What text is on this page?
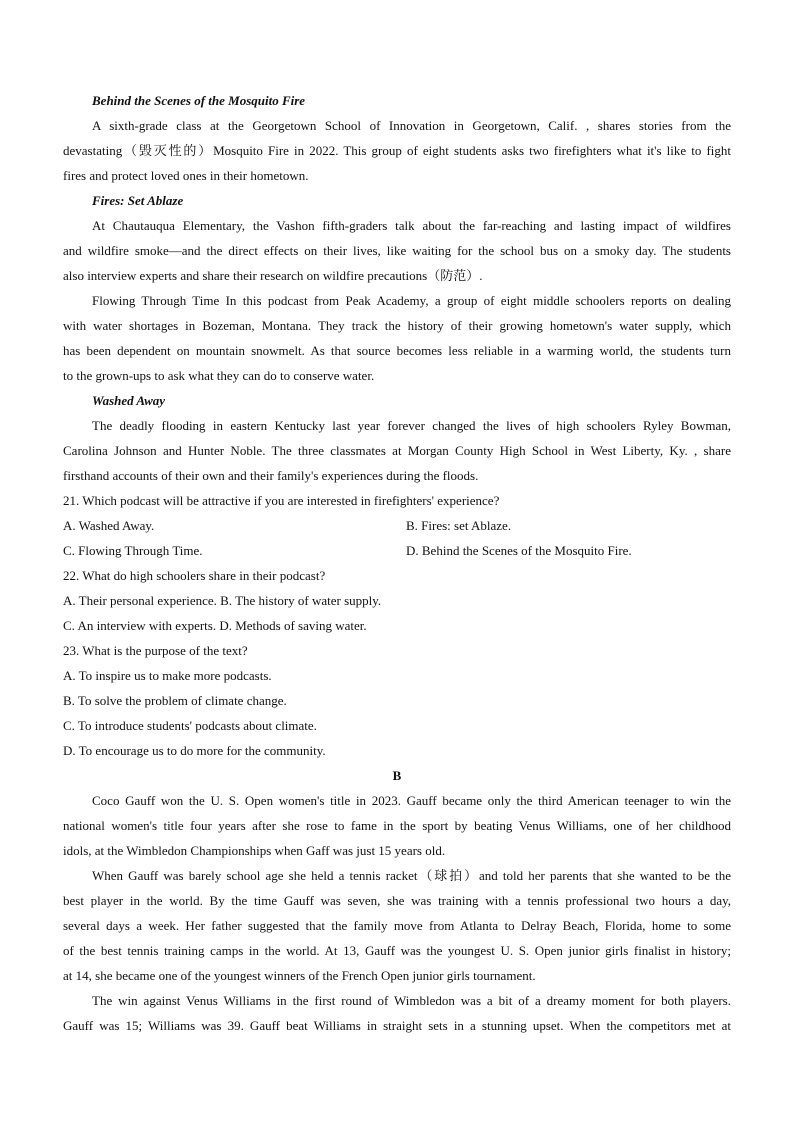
Behind the Scenes of the Mosquito Fire
A sixth-grade class at the Georgetown School of Innovation in Georgetown, Calif. , shares stories from the
devastating（毁灭性的）Mosquito Fire in 2022. This group of eight students asks two firefighters what it's like to fight
fires and protect loved ones in their hometown.
Fires: Set Ablaze
At Chautauqua Elementary, the Vashon fifth-graders talk about the far-reaching and lasting impact of wildfires
and wildfire smoke—and the direct effects on their lives, like waiting for the school bus on a smoky day. The students
also interview experts and share their research on wildfire precautions（防范）.
Flowing Through Time In this podcast from Peak Academy, a group of eight middle schoolers reports on dealing
with water shortages in Bozeman, Montana. They track the history of their growing hometown's water supply, which
has been dependent on mountain snowmelt. As that source becomes less reliable in a warming world, the students turn
to the grown-ups to ask what they can do to conserve water.
Washed Away
The deadly flooding in eastern Kentucky last year forever changed the lives of high schoolers Ryley Bowman,
Carolina Johnson and Hunter Noble. The three classmates at Morgan County High School in West Liberty, Ky. , share
firsthand accounts of their own and their family's experiences during the floods.
21. Which podcast will be attractive if you are interested in firefighters' experience?
A. Washed Away.	B. Fires: set Ablaze.
C. Flowing Through Time.	D. Behind the Scenes of the Mosquito Fire.
22. What do high schoolers share in their podcast?
A. Their personal experience. B. The history of water supply.
C. An interview with experts. D. Methods of saving water.
23. What is the purpose of the text?
A. To inspire us to make more podcasts.
B. To solve the problem of climate change.
C. To introduce students' podcasts about climate.
D. To encourage us to do more for the community.
B
Coco Gauff won the U. S. Open women's title in 2023. Gauff became only the third American teenager to win the
national women's title four years after she rose to fame in the sport by beating Venus Williams, one of her childhood
idols, at the Wimbledon Championships when Gaff was just 15 years old.
When Gauff was barely school age she held a tennis racket（球拍）and told her parents that she wanted to be the
best player in the world. By the time Gauff was seven, she was training with a tennis professional two hours a day,
several days a week. Her father suggested that the family move from Atlanta to Delray Beach, Florida, home to some
of the best tennis training camps in the world. At 13, Gauff was the youngest U. S. Open junior girls finalist in history;
at 14, she became one of the youngest winners of the French Open junior girls tournament.
The win against Venus Williams in the first round of Wimbledon was a bit of a dreamy moment for both players.
Gauff was 15; Williams was 39. Gauff beat Williams in straight sets in a stunning upset. When the competitors met at
